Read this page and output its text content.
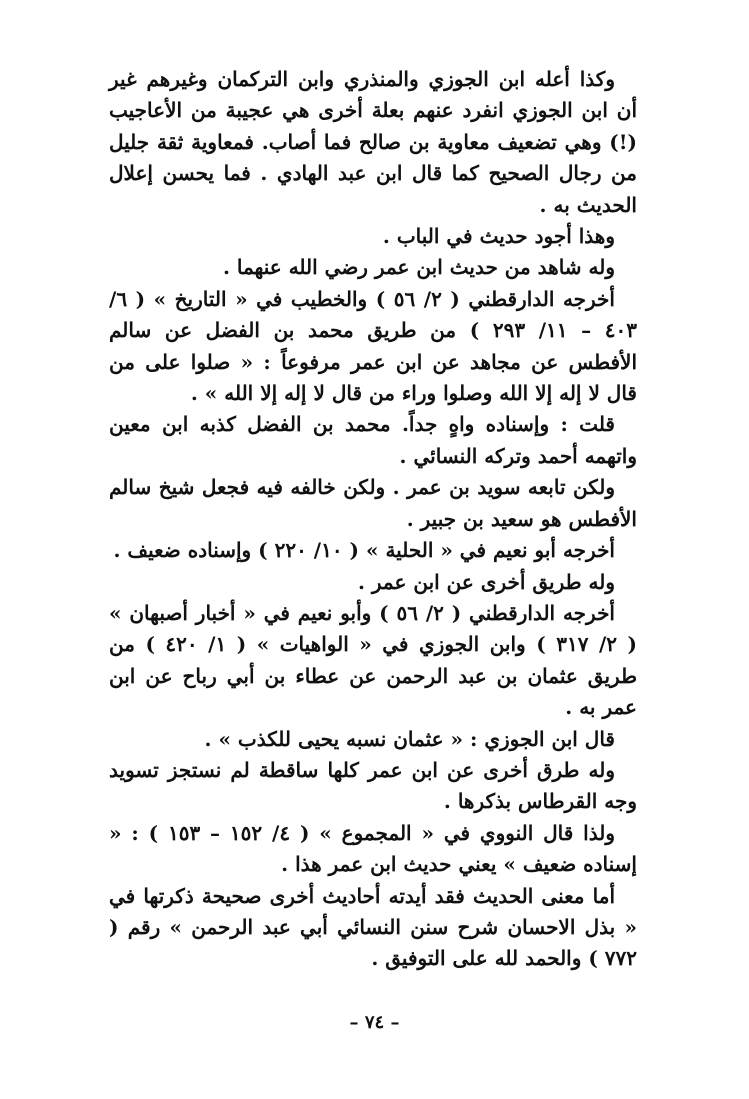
وكذا أعله ابن الجوزي والمنذري وابن التركمان وغيرهم غير أن ابن الجوزي انفرد عنهم بعلة أخرى هي عجيبة من الأعاجيب (!) وهي تضعيف معاوية بن صالح فما أصاب. فمعاوية ثقة جليل من رجال الصحيح كما قال ابن عبد الهادي . فما يحسن إعلال الحديث به .

وهذا أجود حديث في الباب .

وله شاهد من حديث ابن عمر رضي الله عنهما .

أخرجه الدارقطني ( ٢/ ٥٦ ) والخطيب في « التاريخ » ( ٦/ ٤٠٣ – ١١/ ٢٩٣ ) من طريق محمد بن الفضل عن سالم الأفطس عن مجاهد عن ابن عمر مرفوعاً : « صلوا على من قال لا إله إلا الله وصلوا وراء من قال لا إله إلا الله » .

قلت : وإسناده واهٍ جداً. محمد بن الفضل كذبه ابن معين واتهمه أحمد وتركه النسائي .

ولكن تابعه سويد بن عمر . ولكن خالفه فيه فجعل شيخ سالم الأفطس هو سعيد بن جبير .

أخرجه أبو نعيم في « الحلية » ( ١٠/ ٢٢٠ ) وإسناده ضعيف .

وله طريق أخرى عن ابن عمر .

أخرجه الدارقطني ( ٢/ ٥٦ ) وأبو نعيم في « أخبار أصبهان » ( ٢/ ٣١٧ ) وابن الجوزي في « الواهيات » ( ١/ ٤٢٠ ) من طريق عثمان بن عبد الرحمن عن عطاء بن أبي رباح عن ابن عمر به .

قال ابن الجوزي : « عثمان نسبه يحيى للكذب » .

وله طرق أخرى عن ابن عمر كلها ساقطة لم نستجز تسويد وجه القرطاس بذكرها .

ولذا قال النووي في « المجموع » ( ٤/ ١٥٢ – ١٥٣ ) : « إسناده ضعيف » يعني حديث ابن عمر هذا .

أما معنى الحديث فقد أيدته أحاديث أخرى صحيحة ذكرتها في « بذل الاحسان شرح سنن النسائي أبي عبد الرحمن » رقم ( ٧٧٢ ) والحمد لله على التوفيق .

– ٧٤ –
